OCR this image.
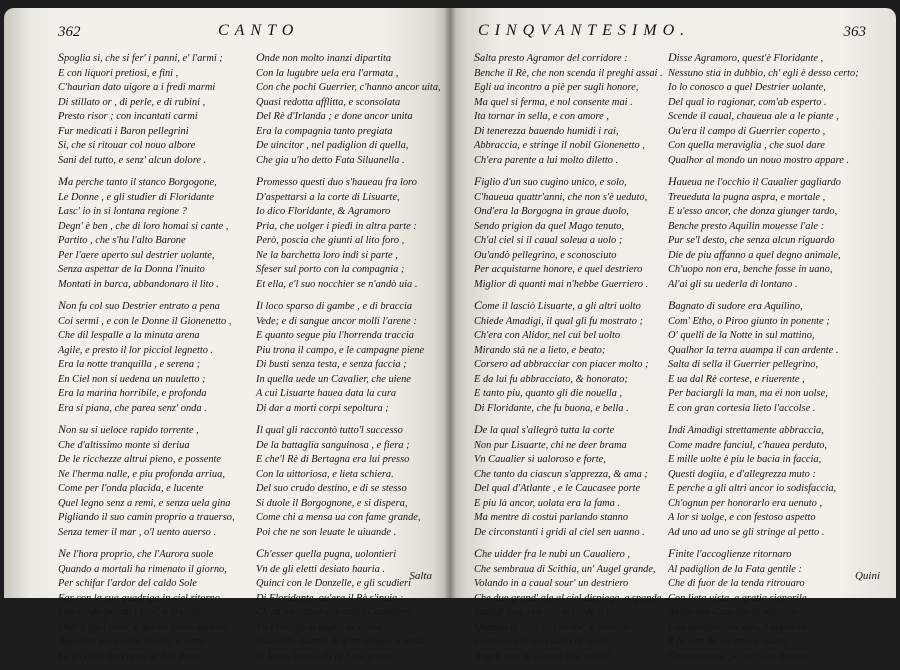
362	CANTO
Spoglia si, che si fer' i panni, e' l'armi ;
E con liquori pretiosi, e fini ,
C'haurian dato uigore a i fredi marmi
Di stillato or , di perle, e di rubini ,
Presto risor ; con incantati carmi
Fur medicati i Baron pellegrini
Si, che si ritouar col nouo albore
Sani del tutto, e senz' alcun dolore .
Ma perche tanto il stanco Borgogone,
Le Donne , e gli studier di Floridante
Lasc' io in si lontana regione ?
Degn' è ben , che di loro homai si cante ,
Partito , che s'hu l'alto Barone
Per l'aere aperto sul destrier uolante,
Senza aspettar de la Donna l'inuito
Montati in barca, abbandonaro il lito .
Non fu col suo Destrier entrato a pena
Coi sermi , e con le Donne il Gionenetto ,
Che dil lespalle a la minuta arena
Agile, e presto il lor picciol legnetto .
Era la notte tranquilla , e serena ;
En Ciel non si uedena un nuuletto ;
Era la marina horribile, e profonda
Era si piana, che parea senz' onda .
Non su si ueloce rapido torrente ,
Che d'altissimo monte si deriua
De le ricchezze altrui pieno, e possente
Ne l'herma nalle, e piu profonda arriua,
Come per l'onda placida, e lucente
Quel legno senz a remi, e senza uela gina
Pigliando il suo camin proprio a trauerso,
Senza temer il mar , o'l uento auerso .
Ne l'hora proprio, che l'Aurora suole
Quando a mortali ha rimenato il giorno,
Per schifar l'ardor del caldo Sole
Far con la sua guadriga in ciel ritorno ,
Lasciando freschi i fiori, e le uiole
Ond' è quel colle, e questo prato adorno,
Aggiunse per camin securo, e corto
La picciola barchetta al fido porto .
Onde non molto inanzi dipartita
Con la lugubre uela era l'armata ,
Con che pochi Guerrier, c'hanno ancor uita,
Quasi redotta afflitta, e sconsolata
Del Rè d'Irlanda ; e done ancor unita
Era la compagnia tanto pregiata
De uincitor , nel padiglion di quella,
Che gia u'ho detto Fata Siluanella .
Promesso questi duo s'haueau fra loro
D'aspettarsi a la corte di Lisuarte,
Io dico Floridante, & Agramoro
Pria, che uolger i piedi in altra parte :
Però, poscia che giunti al lito foro ,
Ne la barchetta loro indi si parte ,
Sfeser sul porto con la compagnia ;
Et ella, e'l suo nocchier se n'andò uia .
Il loco sparso di gambe , e di braccia
Vede; e di sangue ancor molli l'arene :
E quanto segue piu l'horrenda traccia
Piu trona il campo, e le campagne piene
Di busti senza testa, e senza faccia ;
In quella uede un Cavalier, che uiene
A cui Lisuarte hauea data la cura
Di dar a morti corpi sepoltura ;
Il qual gli raccontò tutto'l successo
De la battaglia sanguinosa , e fiera ;
E che'l Rè di Bertagna era lui presso
Con la uittoriosa, e lieta schiera.
Del suo crudo destino, e di se stesso
Si duole il Borgognone, e si dispera,
Come chi a mensa ua con fame grande,
Poi che ne son leuate le uiuande .
Ch'esser quella pugna, uolontieri
Vn de gli eletti desiato hauria .
Quinci con le Donzelle, e gli scudieri
Di Floridante, ou'era il Rè s'inuia ;
Ch'ad incontrar con tutti i Cauallieri,
Vn Principe si degno ne uenia,
Hauendo, quanto di gran pregio, e stima
Ei fosse, inteso da la Fata prima .
Salta
CINQVANTESIMO.	363
Salta presto Agramor del corridore :
Benche il Rè, che non scenda il preghi assai .
Egli ua incontro a piè per sugli honore,
Ma quel si ferma, e nol consente mai .
Ita tornar in sella, e con amore ,
Di tenerezza bauendo humidi i rai,
Abbraccia, e stringe il nobil Gionenetto ,
Ch'era parente a lui molto diletto .
Figlio d'un suo cugino unico, e solo,
C'haueua quattr'anni, che non s'è ueduto,
Ond'era la Borgogna in graue duolo,
Sendo prigion da quel Mago tenuto,
Ch'al ciel si il caual soleua a uolo ;
Ou'andò pellegrino, e sconosciuto
Per acquistarne honore, e quel destriero
Miglior di quanti mai n'hebbe Guerriero .
Come il lasciò Lisuarte, a gli altri uolto
Chiede Amadigi, il qual gli fu mostrato ;
Ch'era con Alidor, nel cui bel uolto
Mirando stà ne a lieto, e beato;
Corsero ad abbracciar con piacer molto ;
E da lui fu abbracciato, & honorato;
E tanto piu, quanto gli die nouella ,
Di Floridante, che fu buona, e bella .
De la qual s'allegrò tutta la corte
Non pur Lisuarte, chi ne deer brama
Vn Caualier sì ualoroso e forte,
Che tanto da ciascun s'apprezza, & ama ;
Del qual d'Atlante , e le Caucasee porte
E piu là ancor, uolata era la fama .
Ma mentre di costui parlando stanno
De circonstanti i gridi al ciel sen uanno .
Che uidder fra le nubi un Caualiero ,
Che sembraua di Scithia, un' Augel grande,
Volando in a caual sour' un destriero
Che due grand' ale al ciel dispiega, e spande .
Stupidi itan, che non si crede il uero,
Quando le cose son strane, e mirande,
Dubbiosi che non sieno di quelli
Angeli neri al sommo Dio rubelli .
Disse Agramoro, quest'è Floridante ,
Nessuno stia in dubbio, ch' egli è desso certo;
Io lo conosco a quel Destrier uolante,
Del qual io ragionar, com'ab esperto .
Scende il caual, chaueua ale a le piante ,
Ou'era il campo di Guerrier coperto ,
Con quella meraviglia , che suol dare
Qualhor al mondo un nouo mostro appare .
Haueua ne l'occhio il Caualier gagliardo
Treueduta la pugna aspra, e mortale ,
E u'esso ancor, che donza giunger tardo,
Benche presto Aquilin mouesse l'ale :
Pur se'l desto, che senza alcun riguardo
Die de piu affanno a quel degno animale,
Ch'uopo non era, benche fosse in uano,
Al'ai gli su uederla di lontano .
Bagnato di sudore era Aquilino,
Com' Etho, o Piroo giunto in ponente ;
O' quelli de la Notte in sul mattino,
Qualhor la terra auampa il can ardente .
Salta di sella il Guerrier pellegrino,
E ua dal Rè cortese, e riuerente ,
Per baciargli la man, ma ei non uolse,
E con gran cortesia lieto l'accolse .
Indi Amadigi strettamente abbraccia,
Come madre fanciul, c'hauea perduto,
E mille uolte è piu le bacia in faccia,
Questi dogiia, e d'allegrezza muto :
E perche a gli altri ancor io sodisfaccia,
Ch'ognun per honorarlo era uenuto ,
A lor si uolge, e con festoso aspetto
Ad uno ad uno se gli stringe al petto .
Finite l'accoglienze ritornaro
Al padiglion de la Fata gentile :
Che di fuor de la tenda ritrouaro
Con lieta uista, e gratia signorile .
Ambo que Caualier la salutaro
Con humanissim' atto, e signorile,
E fu loro da lei reso il saluto
Cortesemente , e com' era douuto .
Quini
